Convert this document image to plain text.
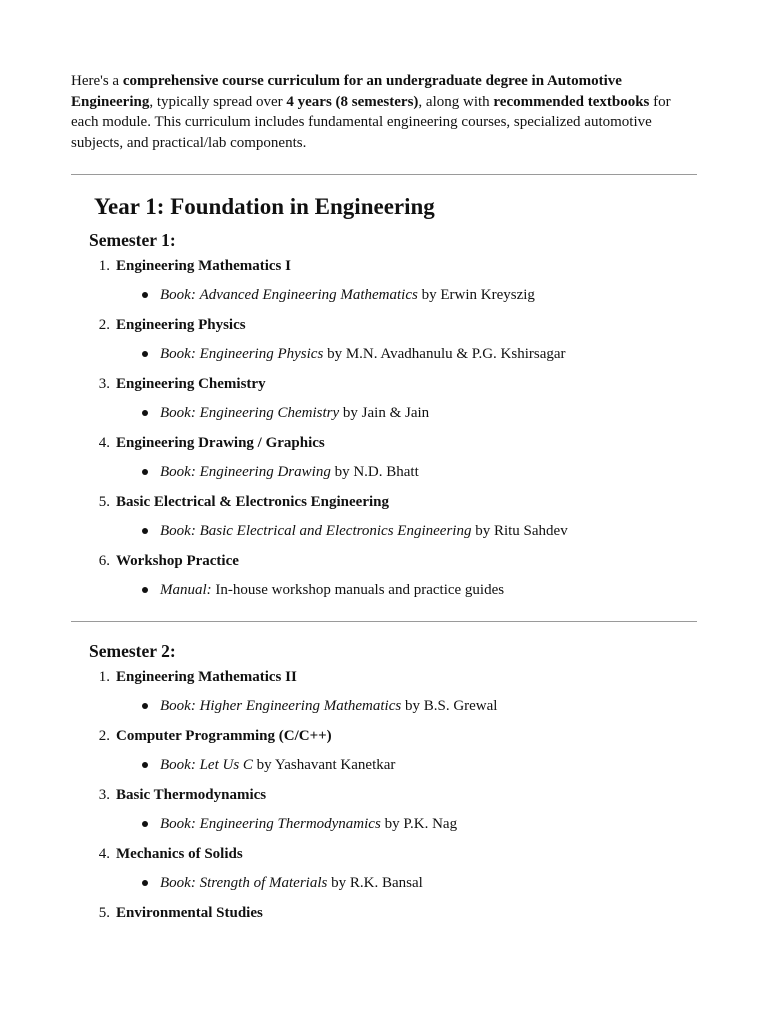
Here's a comprehensive course curriculum for an undergraduate degree in Automotive Engineering, typically spread over 4 years (8 semesters), along with recommended textbooks for each module. This curriculum includes fundamental engineering courses, specialized automotive subjects, and practical/lab components.

Year 1: Foundation in Engineering
Semester 1:
1. Engineering Mathematics I
Book: Advanced Engineering Mathematics by Erwin Kreyszig
2. Engineering Physics
Book: Engineering Physics by M.N. Avadhanulu & P.G. Kshirsagar
3. Engineering Chemistry
Book: Engineering Chemistry by Jain & Jain
4. Engineering Drawing / Graphics
Book: Engineering Drawing by N.D. Bhatt
5. Basic Electrical & Electronics Engineering
Book: Basic Electrical and Electronics Engineering by Ritu Sahdev
6. Workshop Practice
Manual: In-house workshop manuals and practice guides
Semester 2:
1. Engineering Mathematics II
Book: Higher Engineering Mathematics by B.S. Grewal
2. Computer Programming (C/C++)
Book: Let Us C by Yashavant Kanetkar
3. Basic Thermodynamics
Book: Engineering Thermodynamics by P.K. Nag
4. Mechanics of Solids
Book: Strength of Materials by R.K. Bansal
5. Environmental Studies
